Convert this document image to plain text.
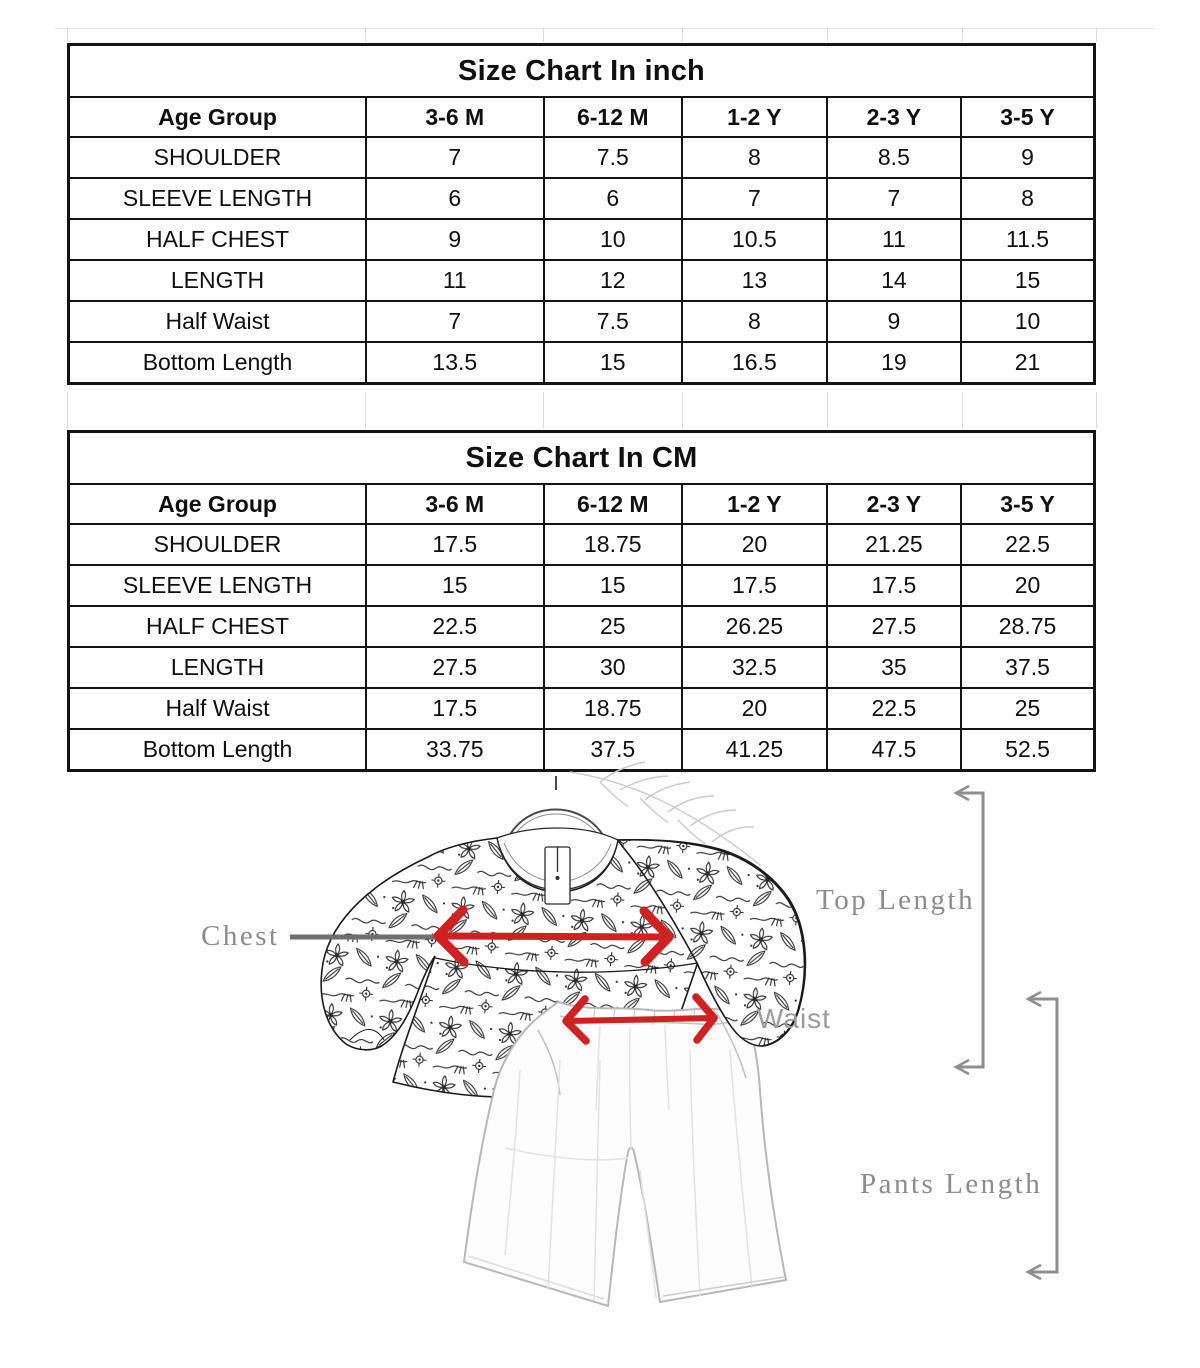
Size Chart In inch					
Age Group	3-6 M	6-12 M	1-2 Y	2-3 Y	3-5 Y
SHOULDER	7	7.5	8	8.5	9
SLEEVE LENGTH	6	6	7	7	8
HALF CHEST	9	10	10.5	11	11.5
LENGTH	11	12	13	14	15
Half Waist	7	7.5	8	9	10
Bottom Length	13.5	15	16.5	19	21
Size Chart In CM					
Age Group	3-6 M	6-12 M	1-2 Y	2-3 Y	3-5 Y
SHOULDER	17.5	18.75	20	21.25	22.5
SLEEVE LENGTH	15	15	17.5	17.5	20
HALF CHEST	22.5	25	26.25	27.5	28.75
LENGTH	27.5	30	32.5	35	37.5
Half Waist	17.5	18.75	20	22.5	25
Bottom Length	33.75	37.5	41.25	47.5	52.5
Chest
Top Length
Waist
Pants Length
